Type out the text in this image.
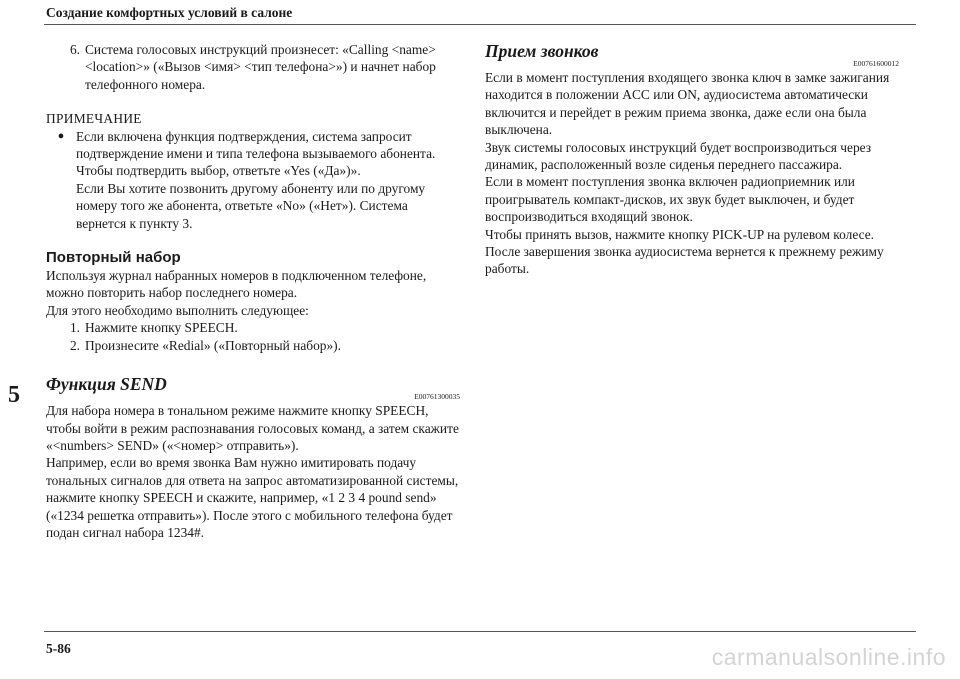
Создание комфортных условий в салоне
5
6. Система голосовых инструкций произнесет: «Calling <name> <location>» («Вызов <имя> <тип телефона>») и начнет набор телефонного номера.

ПРИМЕЧАНИЕ

● Если включена функция подтверждения, система запросит подтверждение имени и типа телефона вызываемого абонента. Чтобы подтвердить выбор, ответьте «Yes («Да»)».

Если Вы хотите позвонить другому абоненту или по другому номеру того же абонента, ответьте «No» («Нет»). Система вернется к пункту 3.

Повторный набор

Используя журнал набранных номеров в подключенном телефоне, можно повторить набор последнего номера.

Для этого необходимо выполнить следующее:

1. Нажмите кнопку SPEECH.
2. Произнесите «Redial» («Повторный набор»).

Функция SEND

E00761300035

Для набора номера в тональном режиме нажмите кнопку SPEECH, чтобы войти в режим распознавания голосовых команд, а затем скажите «<numbers> SEND» («<номер> отправить»).

Например, если во время звонка Вам нужно имитировать подачу тональных сигналов для ответа на запрос автоматизированной системы, нажмите кнопку SPEECH и скажите, например, «1 2 3 4 pound send» («1234 решетка отправить»). После этого с мобильного телефона будет подан сигнал набора 1234#.

Прием звонков

E00761600012

Если в момент поступления входящего звонка ключ в замке зажигания находится в положении ACC или ON, аудиосистема автоматически включится и перейдет в режим приема звонка, даже если она была выключена.

Звук системы голосовых инструкций будет воспроизводиться через динамик, расположенный возле сиденья переднего пассажира.

Если в момент поступления звонка включен радиоприемник или проигрыватель компакт-дисков, их звук будет выключен, и будет воспроизводиться входящий звонок.

Чтобы принять вызов, нажмите кнопку PICK-UP на рулевом колесе.

После завершения звонка аудиосистема вернется к прежнему режиму работы.

5-86	carmanualsonline.info
